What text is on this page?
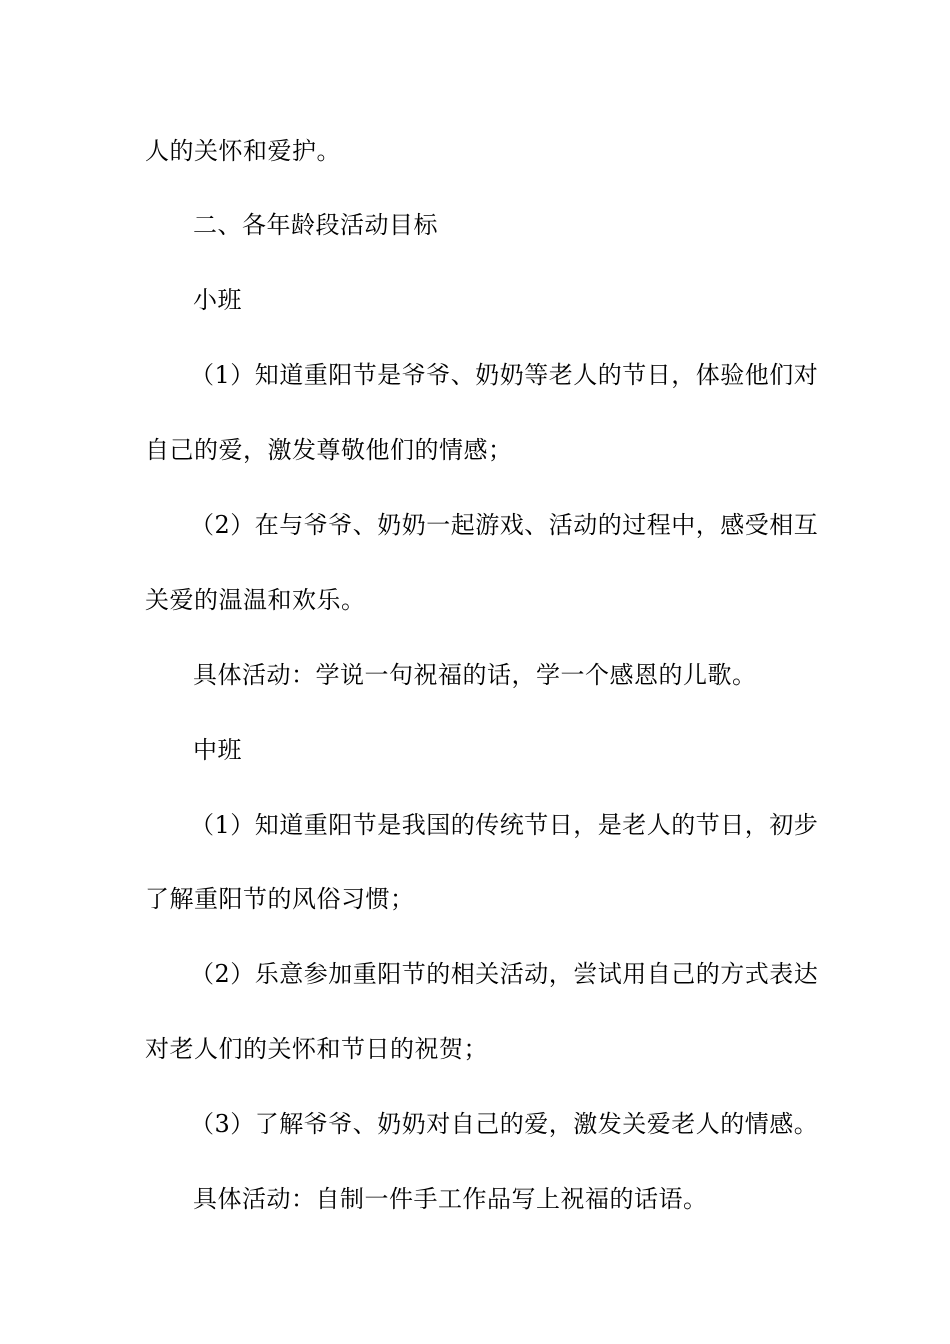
人的关怀和爱护。
二、各年龄段活动目标
小班
（1）知道重阳节是爷爷、奶奶等老人的节日，体验他们对
自己的爱，激发尊敬他们的情感；
（2）在与爷爷、奶奶一起游戏、活动的过程中，感受相互
关爱的温温和欢乐。
具体活动：学说一句祝福的话，学一个感恩的儿歌。
中班
（1）知道重阳节是我国的传统节日，是老人的节日，初步
了解重阳节的风俗习惯；
（2）乐意参加重阳节的相关活动，尝试用自己的方式表达
对老人们的关怀和节日的祝贺；
（3）了解爷爷、奶奶对自己的爱，激发关爱老人的情感。
具体活动：自制一件手工作品写上祝福的话语。
